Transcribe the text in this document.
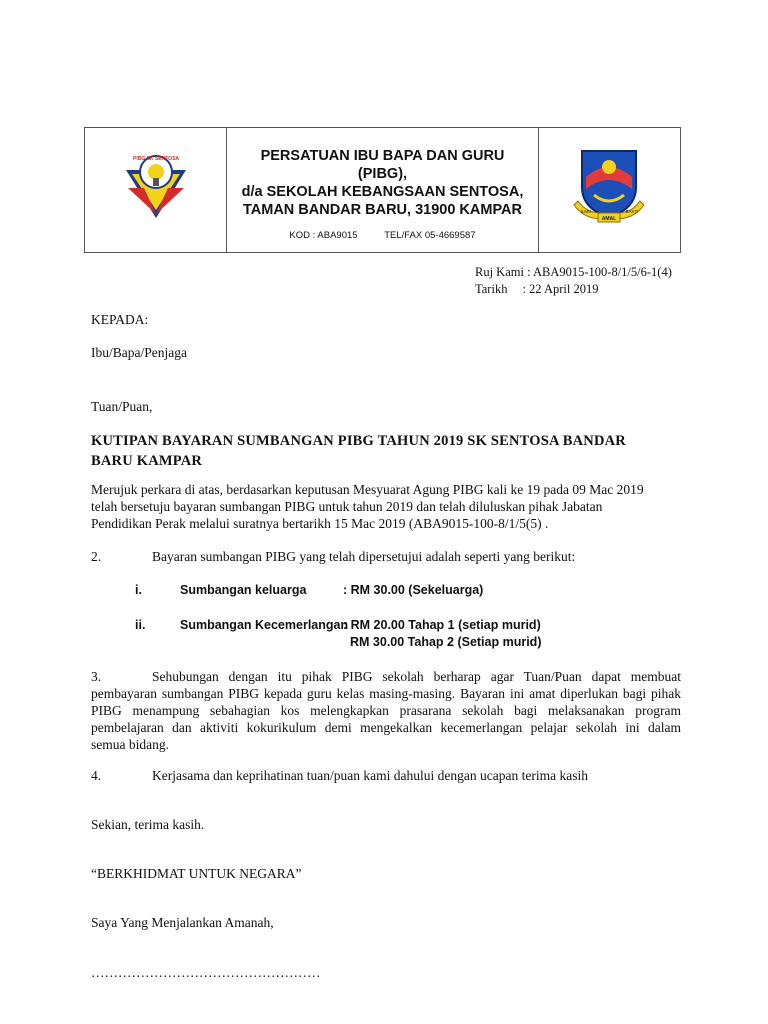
PIBG SK SENTOSA	PERSATUAN IBU BAPA DAN GURU
(PIBG),
d/a SEKOLAH KEBANGSAAN SENTOSA,
TAMAN BANDAR BARU, 31900 KAMPAR
KOD : ABA9015	TEL/FAX 05-4669587
ILMU
AMAL
BAKTI
Ruj Kami : ABA9015-100-8/1/5/6-1(4)
Tarikh : 22 April 2019
KEPADA:
Ibu/Bapa/Penjaga
Tuan/Puan,
KUTIPAN BAYARAN SUMBANGAN PIBG TAHUN 2019 SK SENTOSA BANDAR
BARU KAMPAR
Merujuk perkara di atas, berdasarkan keputusan Mesyuarat Agung PIBG kali ke 19 pada 09 Mac 2019
telah bersetuju bayaran sumbangan PIBG untuk tahun 2019 dan telah diluluskan pihak Jabatan
Pendidikan Perak melalui suratnya bertarikh 15 Mac 2019 (ABA9015-100-8/1/5(5) .
2.	Bayaran sumbangan PIBG yang telah dipersetujui adalah seperti yang berikut:
i.	Sumbangan keluarga	: RM 30.00 (Sekeluarga)
ii.	Sumbangan Kecemerlangan
: RM 20.00 Tahap 1 (setiap murid)
RM 30.00 Tahap 2 (Setiap murid)
3.	Sehubungan dengan itu pihak PIBG sekolah berharap agar Tuan/Puan dapat membuat
pembayaran sumbangan PIBG kepada guru kelas masing-masing. Bayaran ini amat diperlukan bagi pihak
PIBG menampung sebahagian kos melengkapkan prasarana sekolah bagi melaksanakan program
pembelajaran dan aktiviti kokurikulum demi mengekalkan kecemerlangan pelajar sekolah ini dalam
semua bidang.
4.	Kerjasama dan keprihatinan tuan/puan kami dahului dengan ucapan terima kasih
Sekian, terima kasih.
“BERKHIDMAT UNTUK NEGARA”
Saya Yang Menjalankan Amanah,
……………………………………………
